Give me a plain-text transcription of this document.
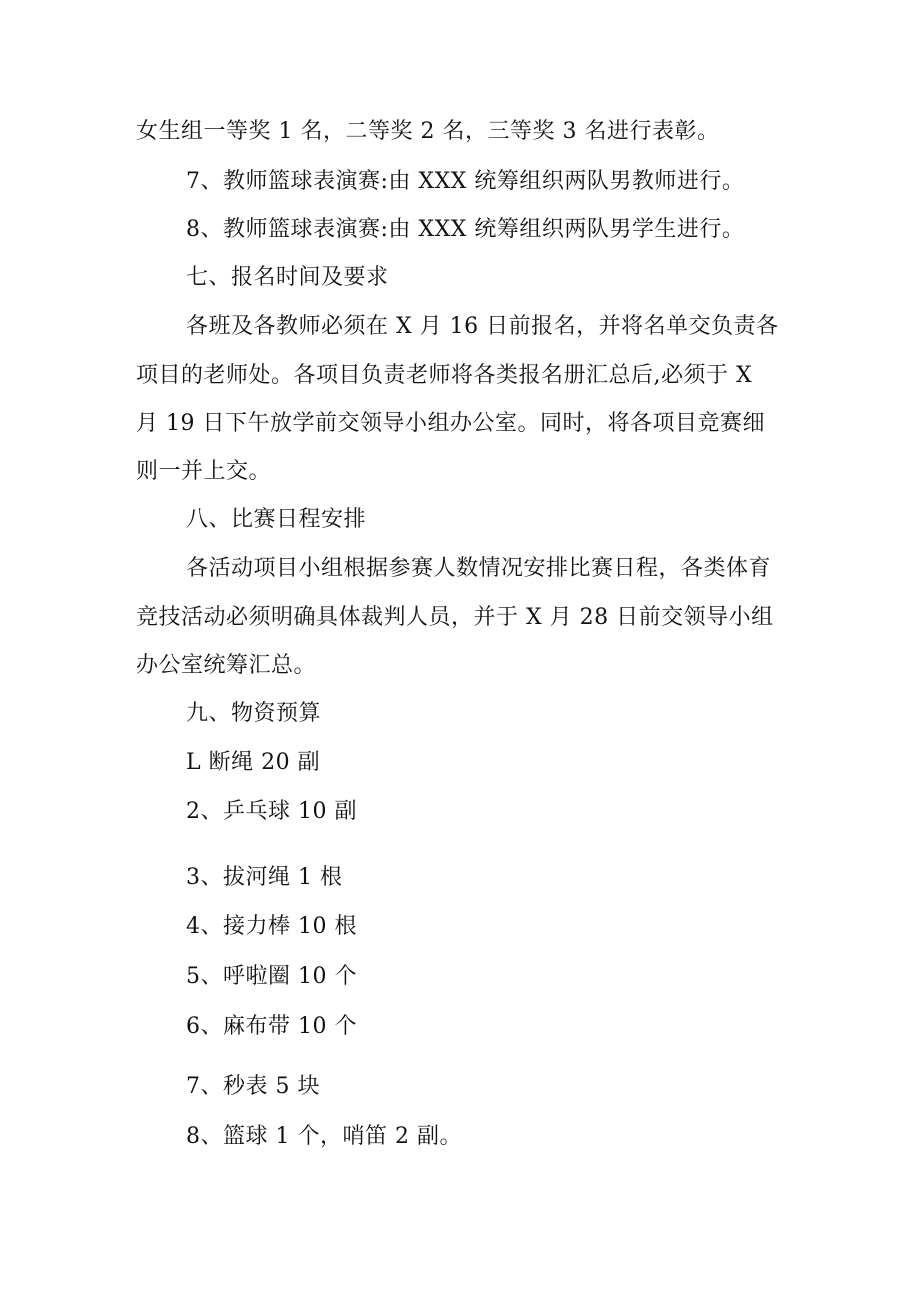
女生组一等奖 1 名，二等奖 2 名，三等奖 3 名进行表彰。
7、教师篮球表演赛:由 XXX 统筹组织两队男教师进行。
8、教师篮球表演赛:由 XXX 统筹组织两队男学生进行。
七、报名时间及要求
各班及各教师必须在 X 月 16 日前报名，并将名单交负责各
项目的老师处。各项目负责老师将各类报名册汇总后,必须于 X
月 19 日下午放学前交领导小组办公室。同时，将各项目竞赛细
则一并上交。
八、比赛日程安排
各活动项目小组根据参赛人数情况安排比赛日程，各类体育
竞技活动必须明确具体裁判人员，并于 X 月 28 日前交领导小组
办公室统筹汇总。
九、物资预算
L 断绳 20 副
2、乒乓球 10 副
3、拔河绳 1 根
4、接力棒 10 根
5、呼啦圈 10 个
6、麻布带 10 个
7、秒表 5 块
8、篮球 1 个，哨笛 2 副。
